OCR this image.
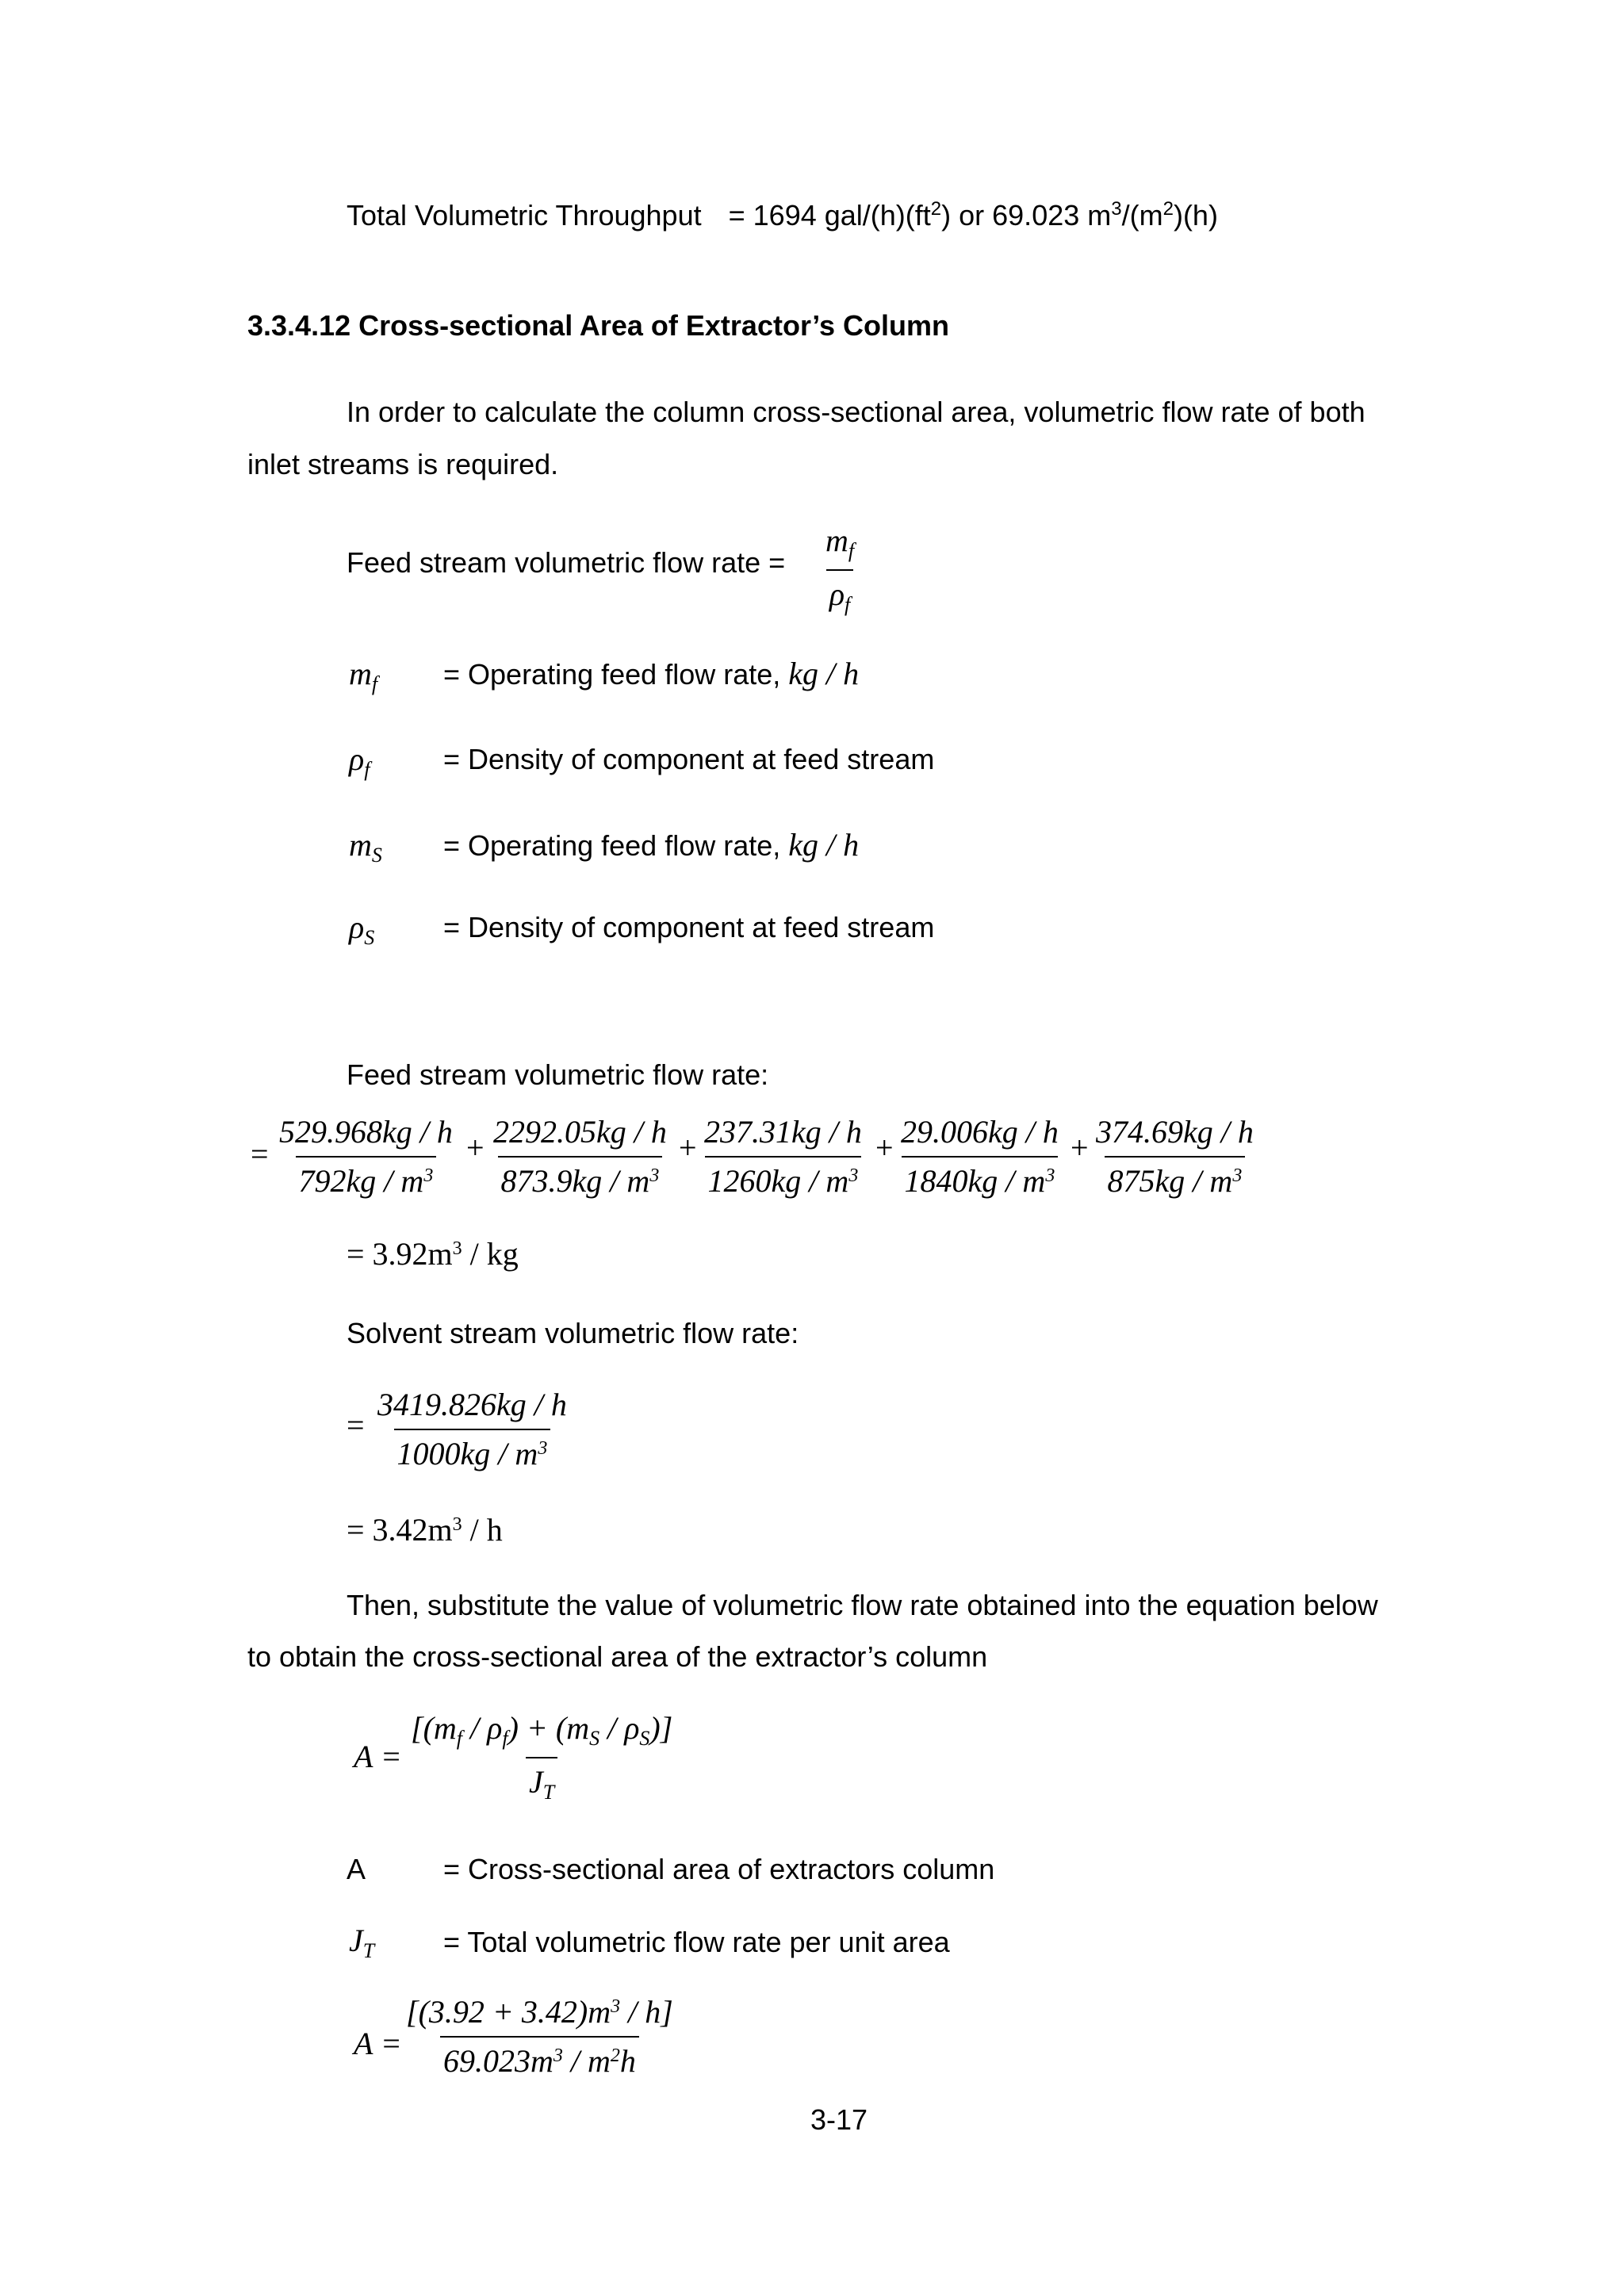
Total Volumetric Throughput = 1694 gal/$(h)(ft^2)$ or 69.023 $m^3/(m^2)(h)$
3.3.4.12 Cross-sectional Area of Extractor’s Column
In order to calculate the column cross-sectional area, volumetric flow rate of both
inlet streams is required.
Feed stream volumetric flow rate = $\frac{m_f}{\rho_f}$
$m_f$ = Operating feed flow rate, kg / h
$\rho_f$	= Density of component at feed stream
$m_S$ = Operating feed flow rate, kg / h
$\rho_S$ = Density of component at feed stream
Feed stream volumetric flow rate:
= $\frac{529.968kg / h}{792kg / m^3} + \frac{2292.05kg / h}{873.9kg / m^3} + \frac{237.31kg / h}{1260kg / m^3} + \frac{29.006kg / h}{1840kg / m^3} + \frac{374.69kg / h}{875kg / m^3}$
= $3.92m^3$ / kg
Solvent stream volumetric flow rate:
= $\frac{3419.826kg / h}{1000kg / m^3}$
= $3.42m^3$ / h
Then, substitute the value of volumetric flow rate obtained into the equation below
to obtain the cross-sectional area of the extractor’s column
$A = \frac{[(m_f / \rho_f) + (m_S / \rho_S)]}{J_T}$
A	= Cross-sectional area of extractors column
$J_T$ = Total volumetric flow rate per unit area
$A = \frac{[(3.92 + 3.42)m^3 / h]}{69.023m^3 / m^2h}$
3-17
